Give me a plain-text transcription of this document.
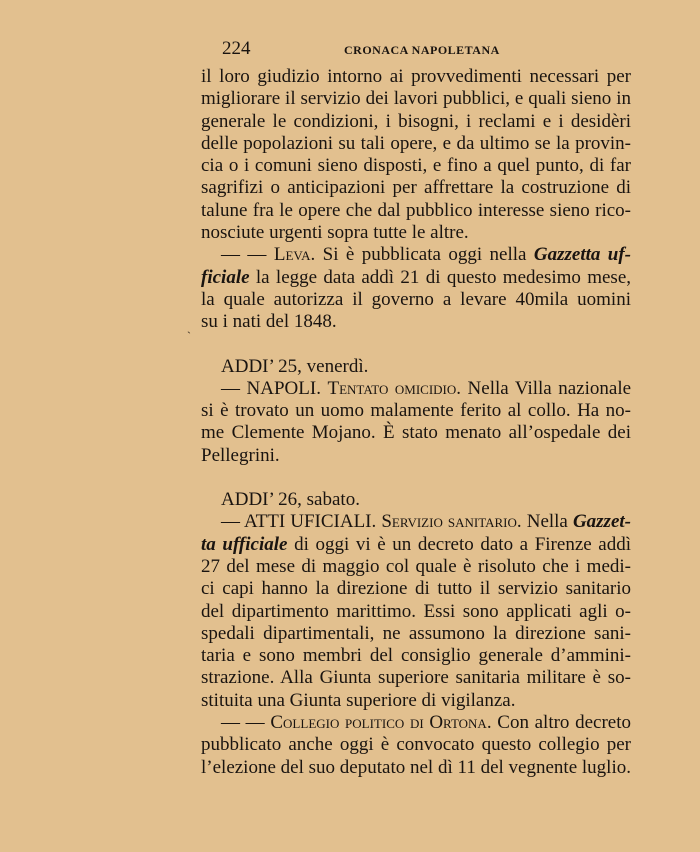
224	CRONACA NAPOLETANA
ˎ
il loro giudizio intorno ai provvedimenti necessari per
migliorare il servizio dei lavori pubblici, e quali sieno in
generale le condizioni, i bisogni, i reclami e i desidèri
delle popolazioni su tali opere, e da ultimo se la provin-
cia o i comuni sieno disposti, e fino a quel punto, di far
sagrifizi o anticipazioni per affrettare la costruzione di
talune fra le opere che dal pubblico interesse sieno rico-
nosciute urgenti sopra tutte le altre.
— — Leva. Si è pubblicata oggi nella Gazzetta uf-
ficiale la legge data addì 21 di questo medesimo mese,
la quale autorizza il governo a levare 40mila uomini
su i nati del 1848.
ADDI’ 25, venerdì.
— NAPOLI. Tentato omicidio. Nella Villa nazionale
si è trovato un uomo malamente ferito al collo. Ha no-
me Clemente Mojano. È stato menato all’ospedale dei
Pellegrini.
ADDI’ 26, sabato.
— ATTI UFICIALI. Servizio sanitario. Nella Gazzet-
ta ufficiale di oggi vi è un decreto dato a Firenze addì
27 del mese di maggio col quale è risoluto che i medi-
ci capi hanno la direzione di tutto il servizio sanitario
del dipartimento marittimo. Essi sono applicati agli o-
spedali dipartimentali, ne assumono la direzione sani-
taria e sono membri del consiglio generale d’ammini-
strazione. Alla Giunta superiore sanitaria militare è so-
stituita una Giunta superiore di vigilanza.
— — Collegio politico di Ortona. Con altro decreto
pubblicato anche oggi è convocato questo collegio per
l’elezione del suo deputato nel dì 11 del vegnente luglio.
